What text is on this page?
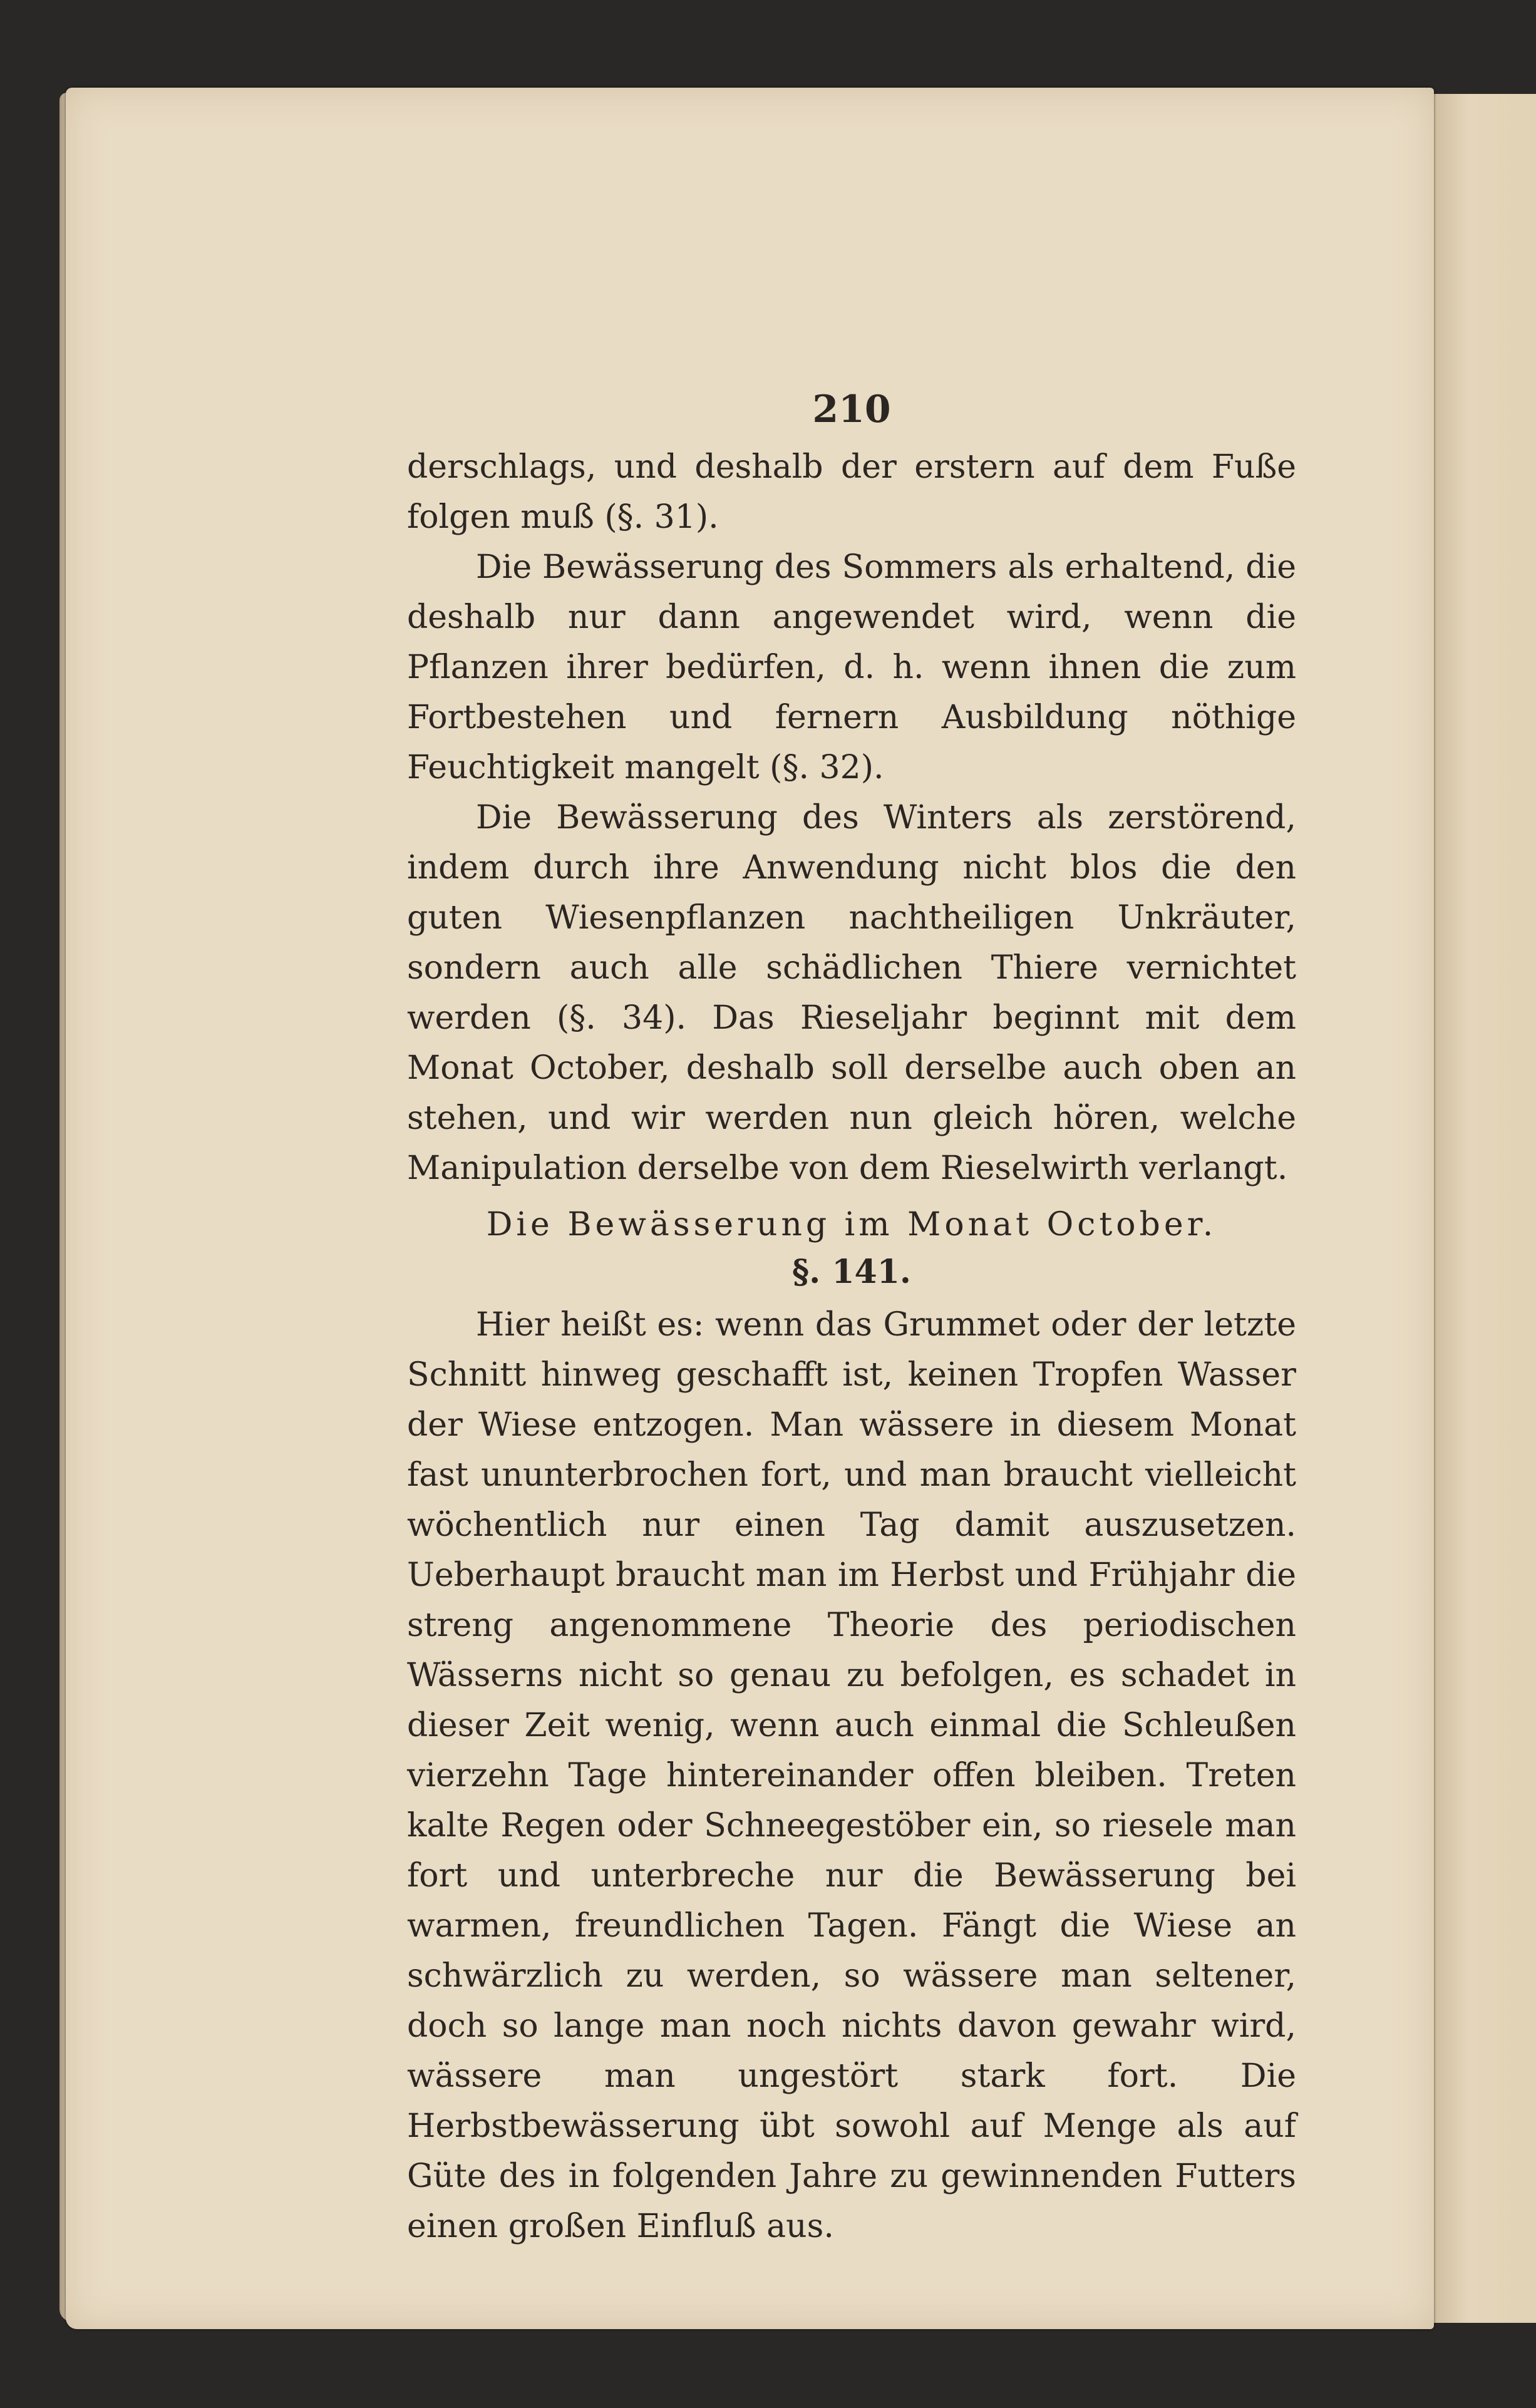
210

derschlags, und deshalb der erstern auf dem Fuße folgen muß (§. 31).

Die Bewässerung des Sommers als erhaltend, die deshalb nur dann angewendet wird, wenn die Pflanzen ihrer bedürfen, d. h. wenn ihnen die zum Fortbestehen und fernern Ausbildung nöthige Feuchtigkeit mangelt (§. 32).

Die Bewässerung des Winters als zerstörend, indem durch ihre Anwendung nicht blos die den guten Wiesenpflanzen nachtheiligen Unkräuter, sondern auch alle schädlichen Thiere vernichtet werden (§. 34). Das Rieseljahr beginnt mit dem Monat October, deshalb soll derselbe auch oben an stehen, und wir werden nun gleich hören, welche Manipulation derselbe von dem Rieselwirth verlangt.

Die Bewässerung im Monat October.
§. 141.

Hier heißt es: wenn das Grummet oder der letzte Schnitt hinweg geschafft ist, keinen Tropfen Wasser der Wiese entzogen. Man wässere in diesem Monat fast ununterbrochen fort, und man braucht vielleicht wöchentlich nur einen Tag damit auszusetzen. Ueberhaupt braucht man im Herbst und Frühjahr die streng angenommene Theorie des periodischen Wässerns nicht so genau zu befolgen, es schadet in dieser Zeit wenig, wenn auch einmal die Schleußen vierzehn Tage hintereinander offen bleiben. Treten kalte Regen oder Schneegestöber ein, so riesele man fort und unterbreche nur die Bewässerung bei warmen, freundlichen Tagen. Fängt die Wiese an schwärzlich zu werden, so wässere man seltener, doch so lange man noch nichts davon gewahr wird, wässere man ungestört stark fort. Die Herbstbewässerung übt sowohl auf Menge als auf Güte des in folgenden Jahre zu gewinnenden Futters einen großen Einfluß aus.
